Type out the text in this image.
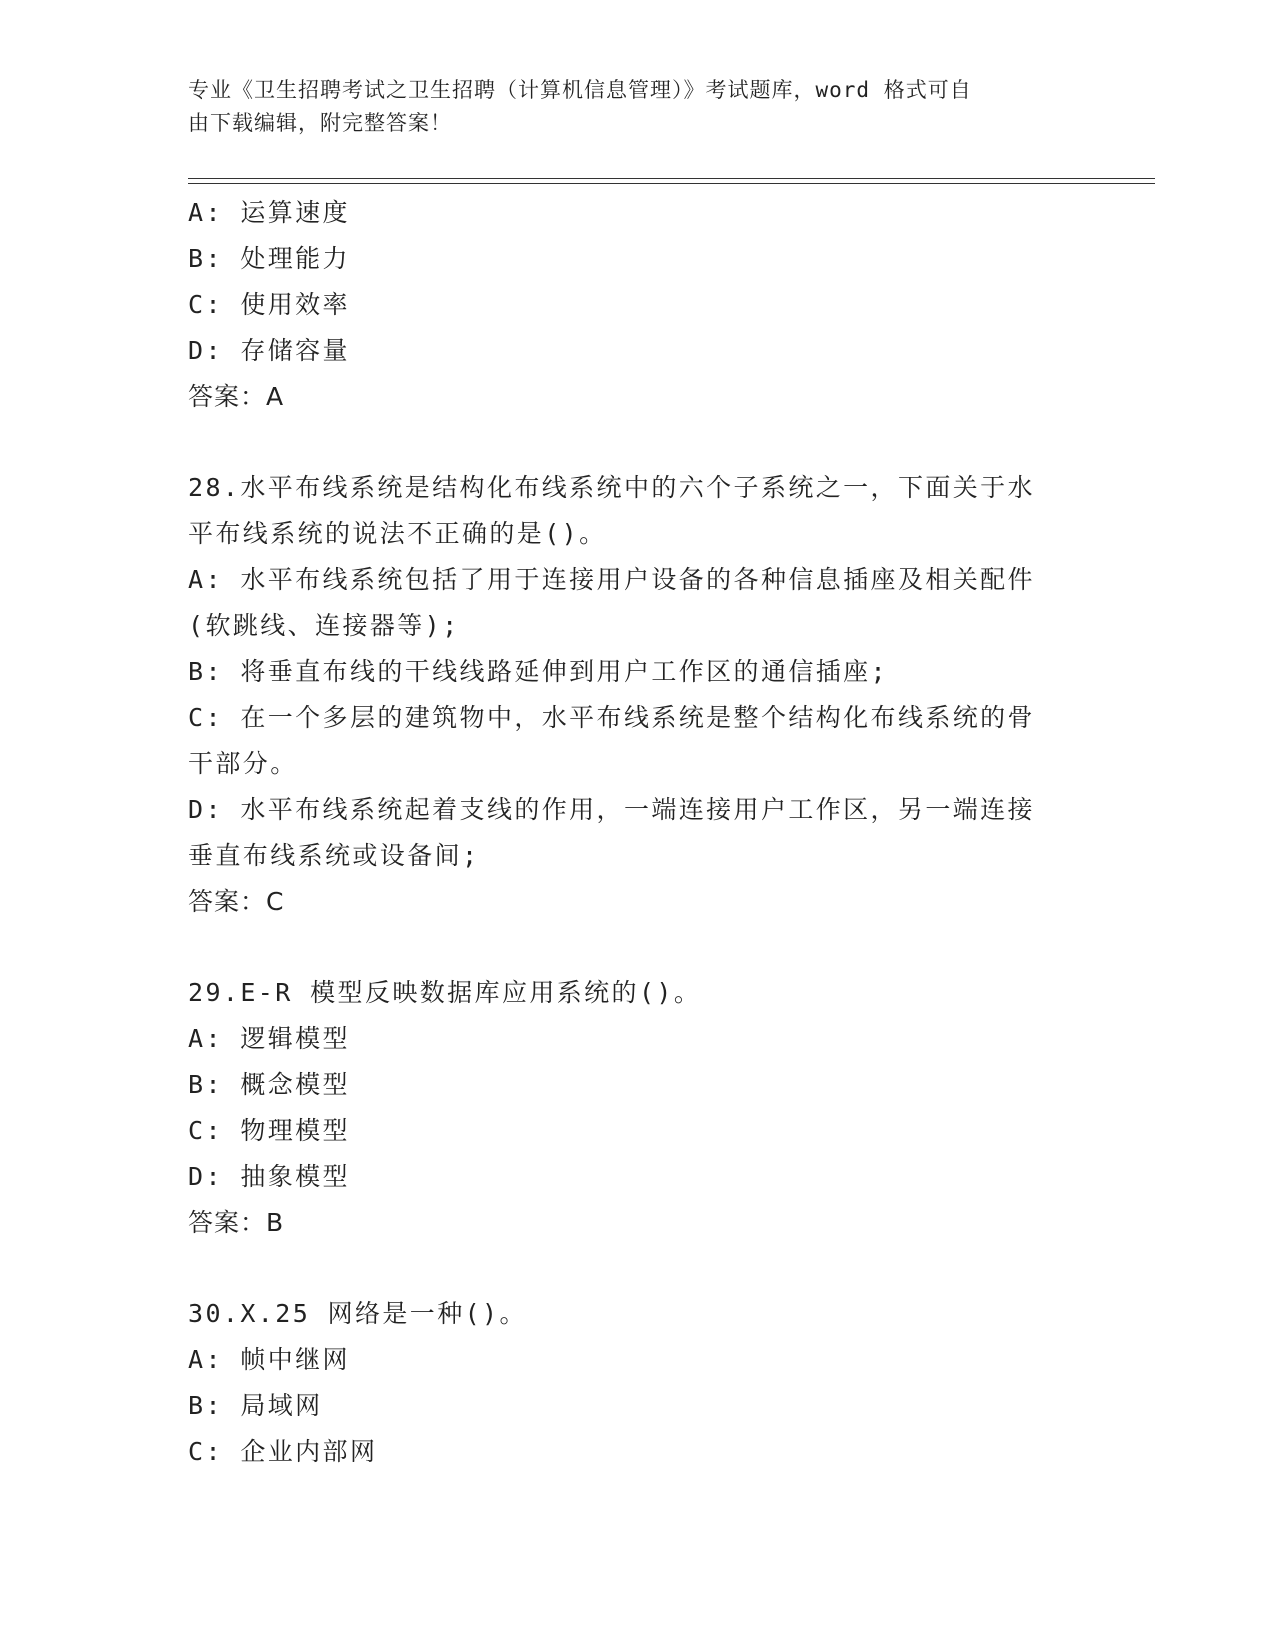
专业《卫生招聘考试之卫生招聘（计算机信息管理）》考试题库，word 格式可自
由下载编辑，附完整答案！
A: 运算速度
B: 处理能力
C: 使用效率
D: 存储容量
答案：A
28.水平布线系统是结构化布线系统中的六个子系统之一，下面关于水
平布线系统的说法不正确的是()。
A: 水平布线系统包括了用于连接用户设备的各种信息插座及相关配件
(软跳线、连接器等);
B: 将垂直布线的干线线路延伸到用户工作区的通信插座;
C: 在一个多层的建筑物中，水平布线系统是整个结构化布线系统的骨
干部分。
D: 水平布线系统起着支线的作用，一端连接用户工作区，另一端连接
垂直布线系统或设备间;
答案：C
29.E-R 模型反映数据库应用系统的()。
A: 逻辑模型
B: 概念模型
C: 物理模型
D: 抽象模型
答案：B
30.X.25 网络是一种()。
A: 帧中继网
B: 局域网
C: 企业内部网
